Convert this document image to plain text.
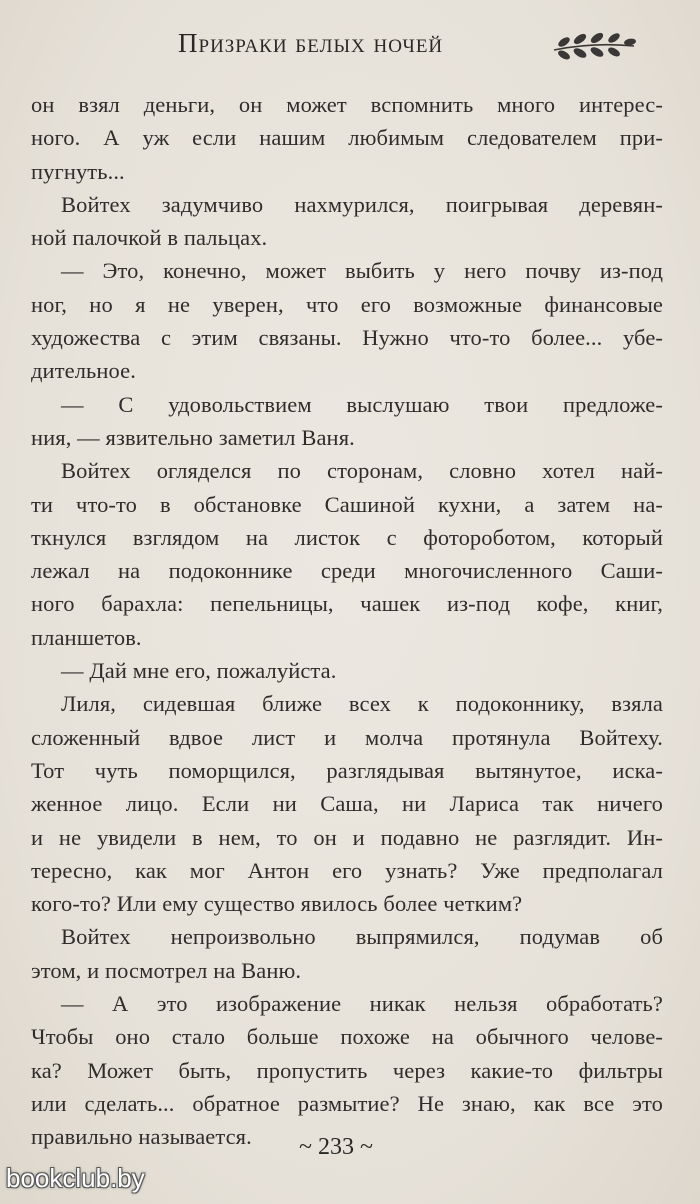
Призраки белых ночей
он взял деньги, он может вспомнить много интерес-
ного. А уж если нашим любимым следователем при-
пугнуть...
Войтех задумчиво нахмурился, поигрывая деревян-
ной палочкой в пальцах.
— Это, конечно, может выбить у него почву из-под
ног, но я не уверен, что его возможные финансовые
художества с этим связаны. Нужно что-то более... убе-
дительное.
— С удовольствием выслушаю твои предложе-
ния, — язвительно заметил Ваня.
Войтех огляделся по сторонам, словно хотел най-
ти что-то в обстановке Сашиной кухни, а затем на-
ткнулся взглядом на листок с фотороботом, который
лежал на подоконнике среди многочисленного Саши-
ного барахла: пепельницы, чашек из-под кофе, книг,
планшетов.
— Дай мне его, пожалуйста.
Лиля, сидевшая ближе всех к подоконнику, взяла
сложенный вдвое лист и молча протянула Войтеху.
Тот чуть поморщился, разглядывая вытянутое, иска-
женное лицо. Если ни Саша, ни Лариса так ничего
и не увидели в нем, то он и подавно не разглядит. Ин-
тересно, как мог Антон его узнать? Уже предполагал
кого-то? Или ему существо явилось более четким?
Войтех непроизвольно выпрямился, подумав об
этом, и посмотрел на Ваню.
— А это изображение никак нельзя обработать?
Чтобы оно стало больше похоже на обычного челове-
ка? Может быть, пропустить через какие-то фильтры
или сделать... обратное размытие? Не знаю, как все это
правильно называется.	~ 233 ~
bookclub.by
